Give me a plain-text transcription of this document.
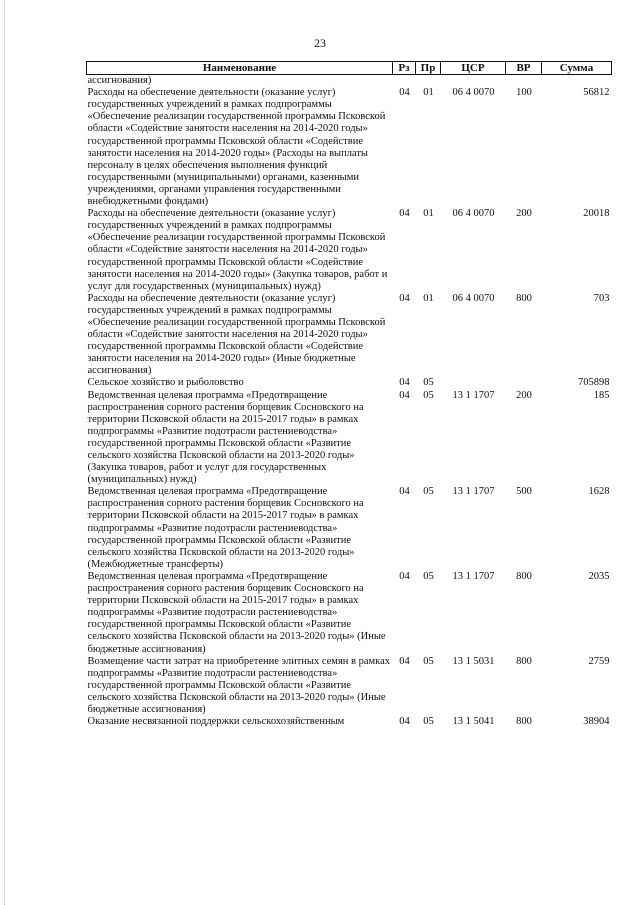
23
Наименование	Рз	Пр	ЦСР	ВР	Сумма
ассигнования)					
Расходы на обеспечение деятельности (оказание услуг) государственных учреждений в рамках подпрограммы «Обеспечение реализации государственной программы Псковской области «Содействие занятости населения на 2014-2020 годы» государственной программы Псковской области «Содействие занятости населения на 2014-2020 годы» (Расходы на выплаты персоналу в целях обеспечения выполнения функций государственными (муниципальными) органами, казенными учреждениями, органами управления государственными внебюджетными фондами)	04	01	06 4 0070	100	56812
Расходы на обеспечение деятельности (оказание услуг) государственных учреждений в рамках подпрограммы «Обеспечение реализации государственной программы Псковской области «Содействие занятости населения на 2014-2020 годы» государственной программы Псковской области «Содействие занятости населения на 2014-2020 годы» (Закупка товаров, работ и услуг для государственных (муниципальных) нужд)	04	01	06 4 0070	200	20018
Расходы на обеспечение деятельности (оказание услуг) государственных учреждений в рамках подпрограммы «Обеспечение реализации государственной программы Псковской области «Содействие занятости населения на 2014-2020 годы» государственной программы Псковской области «Содействие занятости населения на 2014-2020 годы» (Иные бюджетные ассигнования)	04	01	06 4 0070	800	703
Сельское хозяйство и рыболовство	04	05			705898
Ведомственная целевая программа «Предотвращение распространения сорного растения борщевик Сосновского на территории Псковской области на 2015-2017 годы» в рамках подпрограммы «Развитие подотрасли растениеводства» государственной программы Псковской области «Развитие сельского хозяйства Псковской области на 2013-2020 годы» (Закупка товаров, работ и услуг для государственных (муниципальных) нужд)	04	05	13 1 1707	200	185
Ведомственная целевая программа «Предотвращение распространения сорного растения борщевик Сосновского на территории Псковской области на 2015-2017 годы» в рамках подпрограммы «Развитие подотрасли растениеводства» государственной программы Псковской области «Развитие сельского хозяйства Псковской области на 2013-2020 годы» (Межбюджетные трансферты)	04	05	13 1 1707	500	1628
Ведомственная целевая программа «Предотвращение распространения сорного растения борщевик Сосновского на территории Псковской области на 2015-2017 годы» в рамках подпрограммы «Развитие подотрасли растениеводства» государственной программы Псковской области «Развитие сельского хозяйства Псковской области на 2013-2020 годы» (Иные бюджетные ассигнования)	04	05	13 1 1707	800	2035
Возмещение части затрат на приобретение элитных семян в рамках подпрограммы «Развитие подотрасли растениеводства» государственной программы Псковской области «Развитие сельского хозяйства Псковской области на 2013-2020 годы» (Иные бюджетные ассигнования)	04	05	13 1 5031	800	2759
Оказание несвязанной поддержки сельскохозяйственным	04	05	13 1 5041	800	38904
